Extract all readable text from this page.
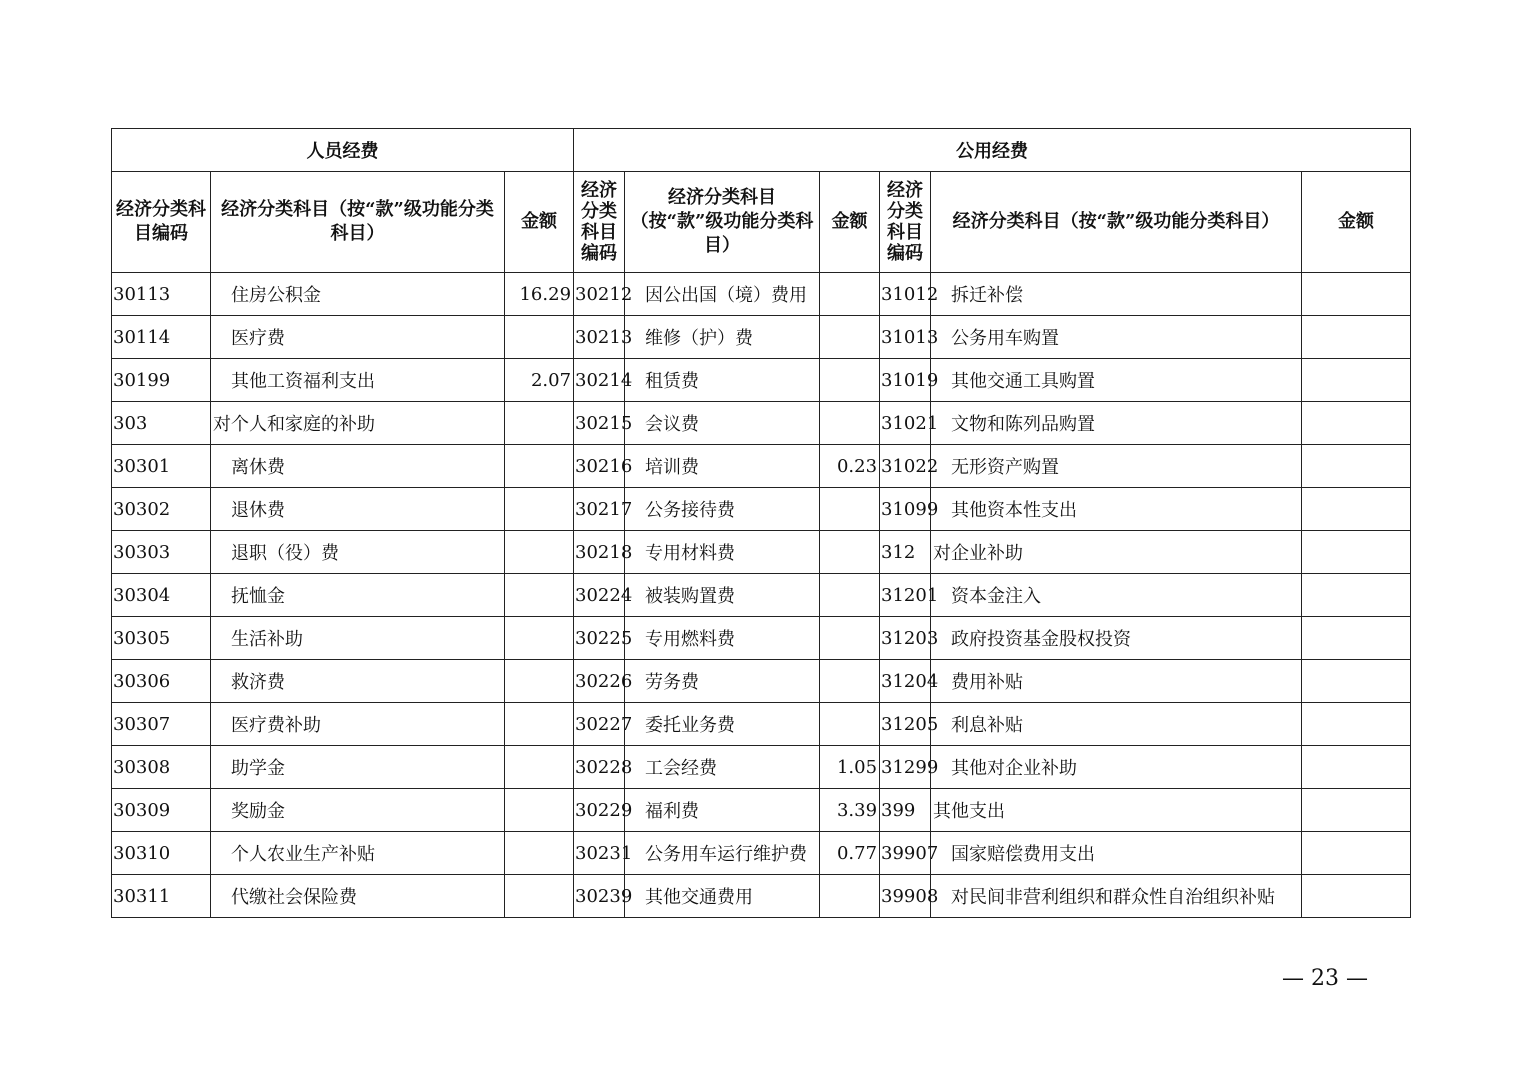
人员经费			公用经费					
经济分类科目编码	经济分类科目（按“款”级功能分类科目）	金额	经济分类科目编码	经济分类科目（按“款”级功能分类科目）	金额	经济分类科目编码	经济分类科目（按“款”级功能分类科目）	金额
30113	住房公积金	16.29	30212	因公出国（境）费用		31012	拆迁补偿	
30114	医疗费		30213	维修（护）费		31013	公务用车购置	
30199	其他工资福利支出	2.07	30214	租赁费		31019	其他交通工具购置	
303	对个人和家庭的补助		30215	会议费		31021	文物和陈列品购置	
30301	离休费		30216	培训费	0.23	31022	无形资产购置	
30302	退休费		30217	公务接待费		31099	其他资本性支出	
30303	退职（役）费		30218	专用材料费		312	对企业补助	
30304	抚恤金		30224	被装购置费		31201	资本金注入	
30305	生活补助		30225	专用燃料费		31203	政府投资基金股权投资	
30306	救济费		30226	劳务费		31204	费用补贴	
30307	医疗费补助		30227	委托业务费		31205	利息补贴	
30308	助学金		30228	工会经费	1.05	31299	其他对企业补助	
30309	奖励金		30229	福利费	3.39	399	其他支出	
30310	个人农业生产补贴		30231	公务用车运行维护费	0.77	39907	国家赔偿费用支出	
30311	代缴社会保险费		30239	其他交通费用		39908	对民间非营利组织和群众性自治组织补贴	
— 23 —
